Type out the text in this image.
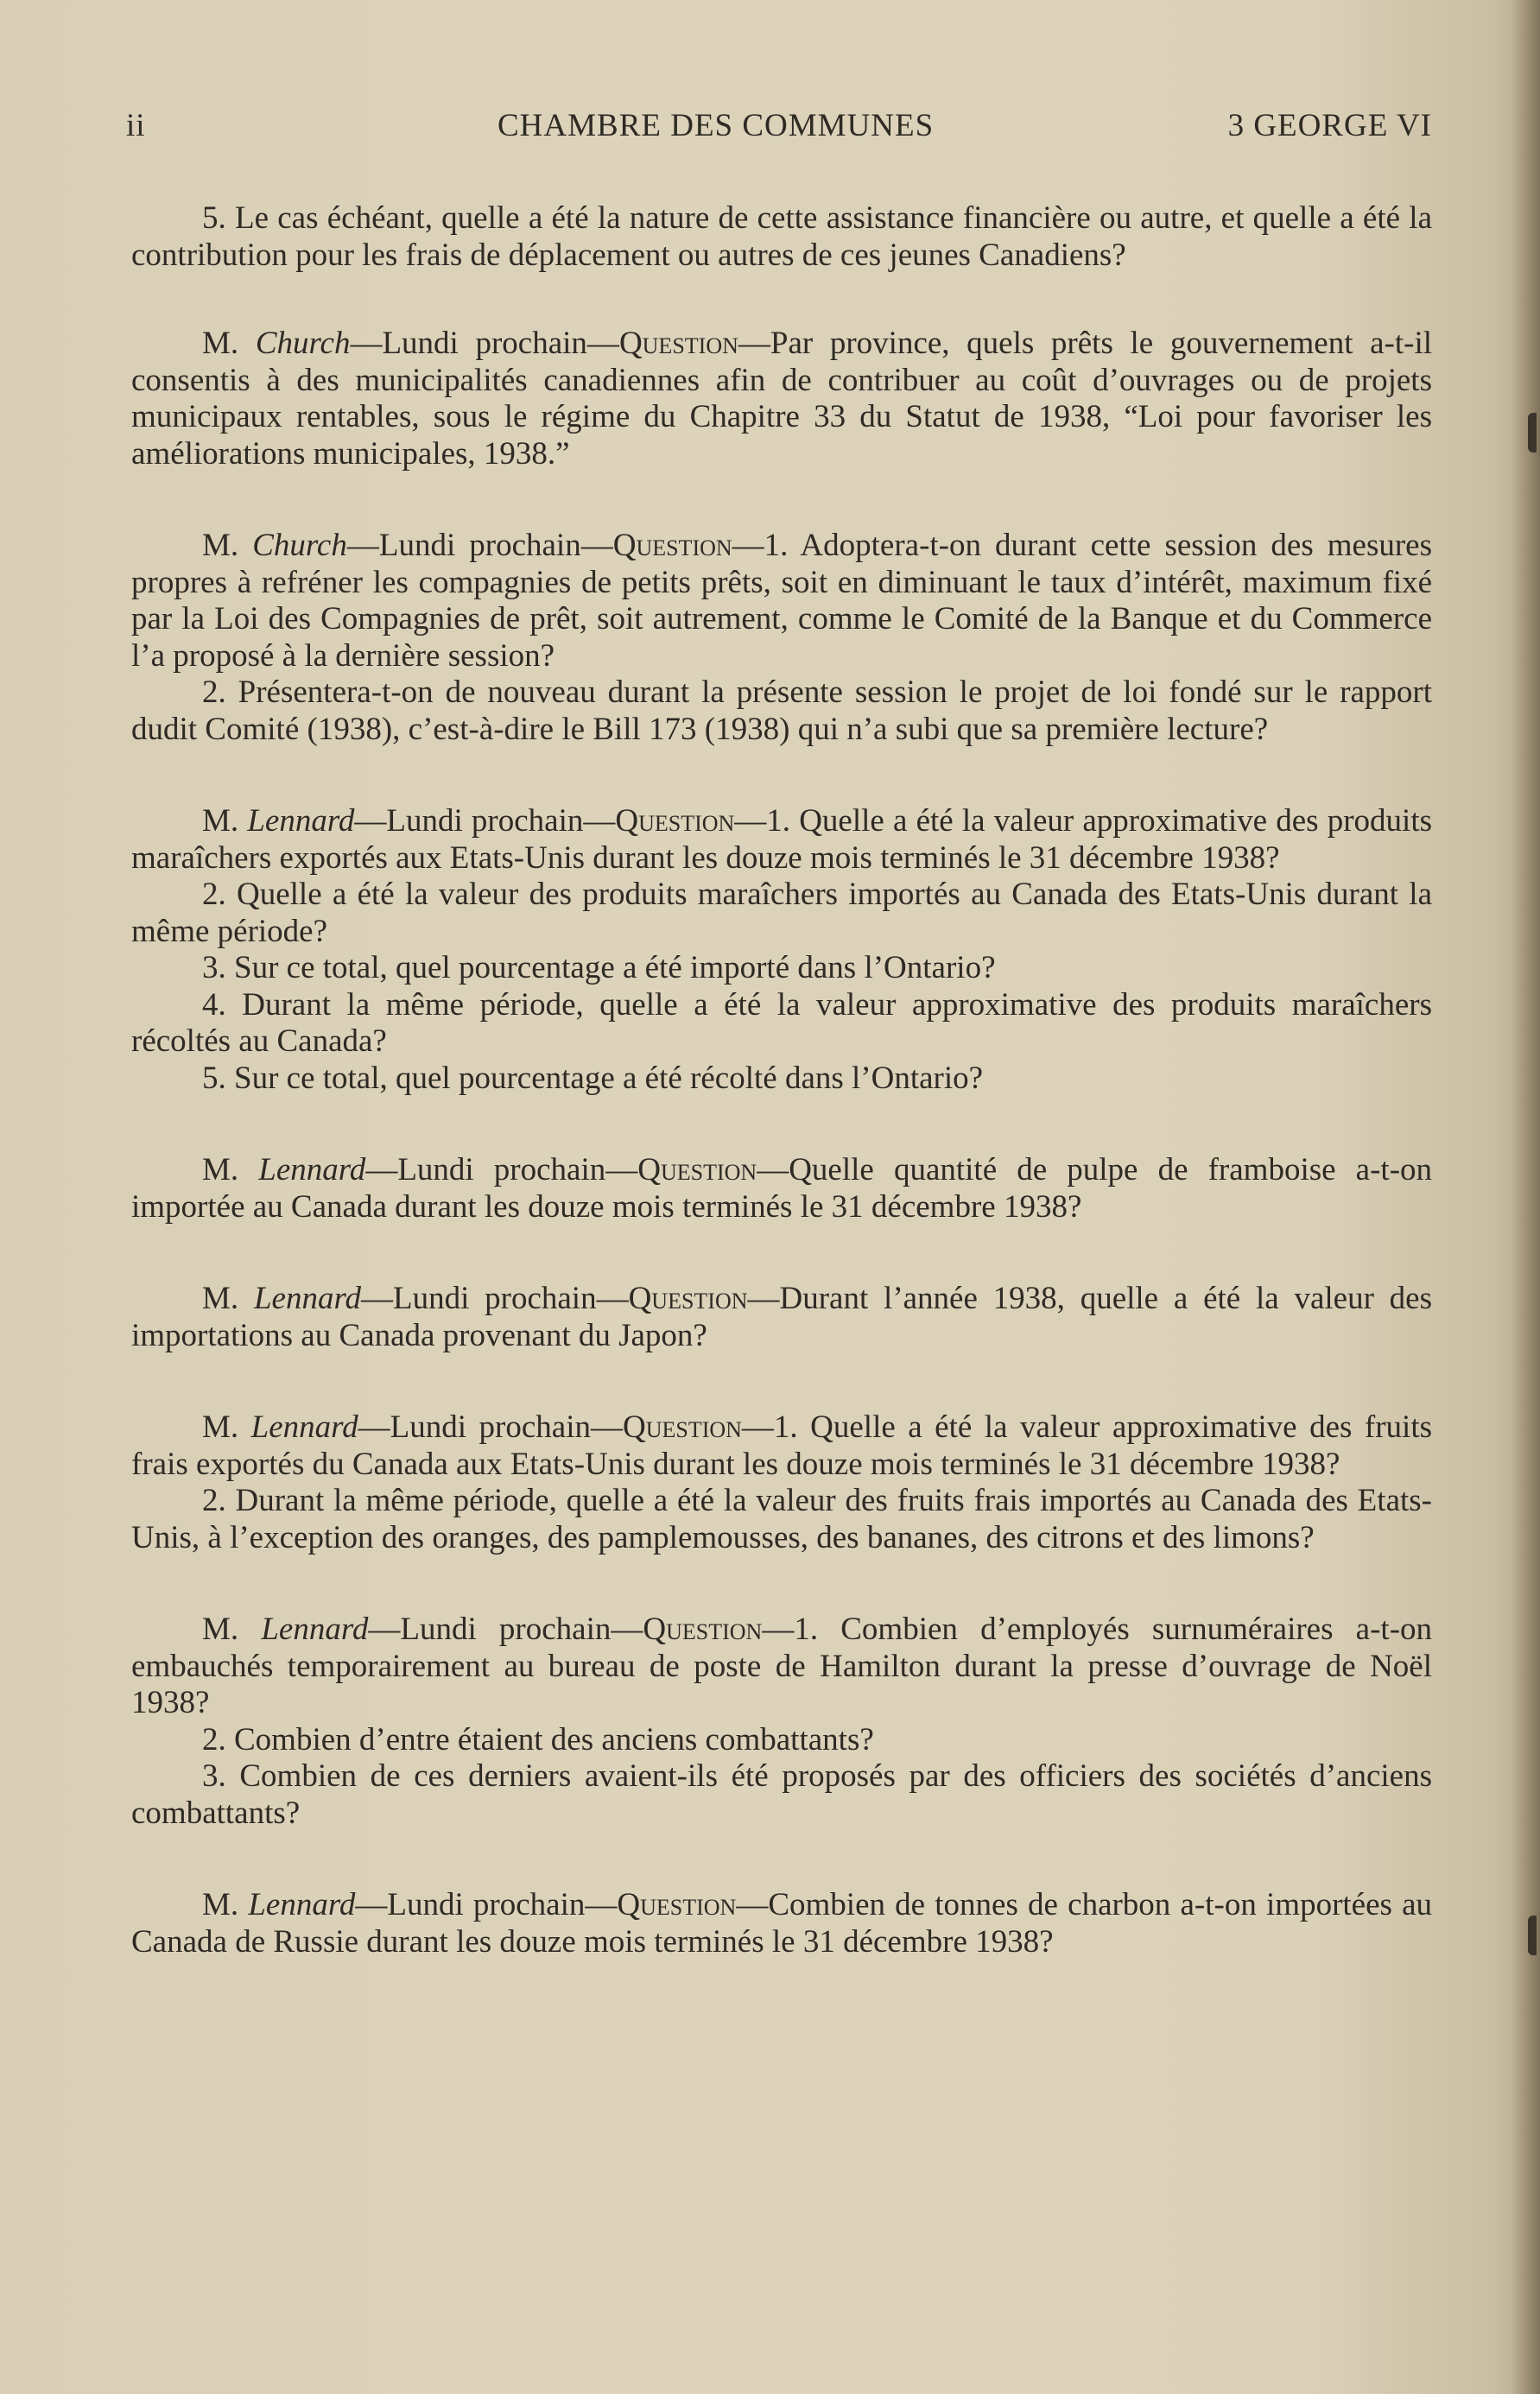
ii	CHAMBRE DES COMMUNES	3 GEORGE VI

5. Le cas échéant, quelle a été la nature de cette assistance financière ou autre, et quelle a été la contribution pour les frais de déplacement ou autres de ces jeunes Canadiens?

M. Church—Lundi prochain—Question—Par province, quels prêts le gouvernement a-t-il consentis à des municipalités canadiennes afin de contribuer au coût d’ouvrages ou de projets municipaux rentables, sous le régime du Chapitre 33 du Statut de 1938, “Loi pour favoriser les améliorations municipales, 1938.”

M. Church—Lundi prochain—Question—1. Adoptera-t-on durant cette session des mesures propres à refréner les compagnies de petits prêts, soit en diminuant le taux d’intérêt, maximum fixé par la Loi des Compagnies de prêt, soit autrement, comme le Comité de la Banque et du Commerce l’a proposé à la dernière session?

2. Présentera-t-on de nouveau durant la présente session le projet de loi fondé sur le rapport dudit Comité (1938), c’est-à-dire le Bill 173 (1938) qui n’a subi que sa première lecture?

M. Lennard—Lundi prochain—Question—1. Quelle a été la valeur approximative des produits maraîchers exportés aux Etats-Unis durant les douze mois terminés le 31 décembre 1938?

2. Quelle a été la valeur des produits maraîchers importés au Canada des Etats-Unis durant la même période?

3. Sur ce total, quel pourcentage a été importé dans l’Ontario?

4. Durant la même période, quelle a été la valeur approximative des produits maraîchers récoltés au Canada?

5. Sur ce total, quel pourcentage a été récolté dans l’Ontario?

M. Lennard—Lundi prochain—Question—Quelle quantité de pulpe de framboise a-t-on importée au Canada durant les douze mois terminés le 31 décembre 1938?

M. Lennard—Lundi prochain—Question—Durant l’année 1938, quelle a été la valeur des importations au Canada provenant du Japon?

M. Lennard—Lundi prochain—Question—1. Quelle a été la valeur approximative des fruits frais exportés du Canada aux Etats-Unis durant les douze mois terminés le 31 décembre 1938?

2. Durant la même période, quelle a été la valeur des fruits frais importés au Canada des Etats-Unis, à l’exception des oranges, des pamplemousses, des bananes, des citrons et des limons?

M. Lennard—Lundi prochain—Question—1. Combien d’employés surnuméraires a-t-on embauchés temporairement au bureau de poste de Hamilton durant la presse d’ouvrage de Noël 1938?

2. Combien d’entre étaient des anciens combattants?

3. Combien de ces derniers avaient-ils été proposés par des officiers des sociétés d’anciens combattants?

M. Lennard—Lundi prochain—Question—Combien de tonnes de charbon a-t-on importées au Canada de Russie durant les douze mois terminés le 31 décembre 1938?
